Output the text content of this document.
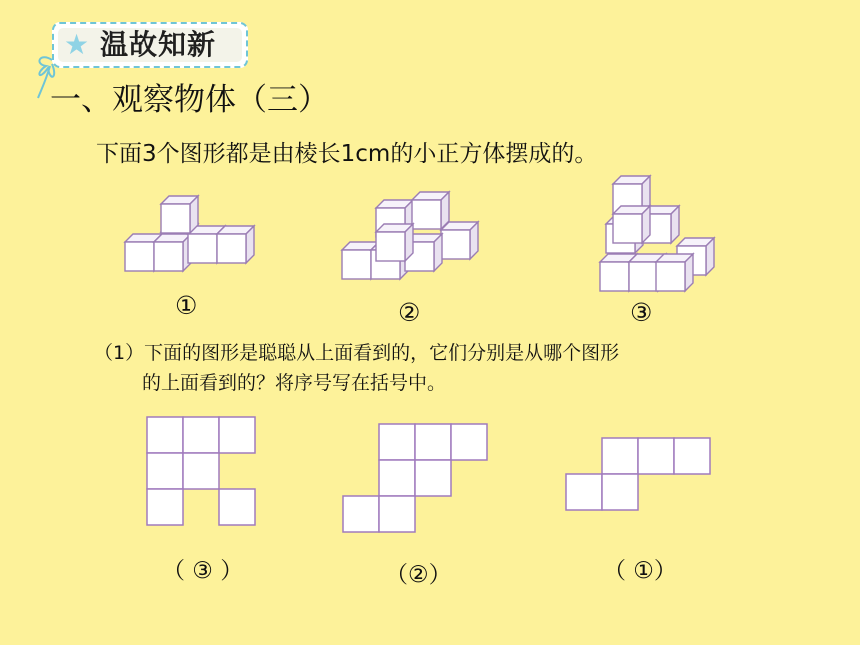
★ 温故知新
一、观察物体（三）
下面3个图形都是由棱长1cm的小正方体摆成的。
①	②	③
（1）下面的图形是聪聪从上面看到的，它们分别是从哪个图形
的上面看到的？将序号写在括号中。
（ ③ ）	（②）	（ ①）
